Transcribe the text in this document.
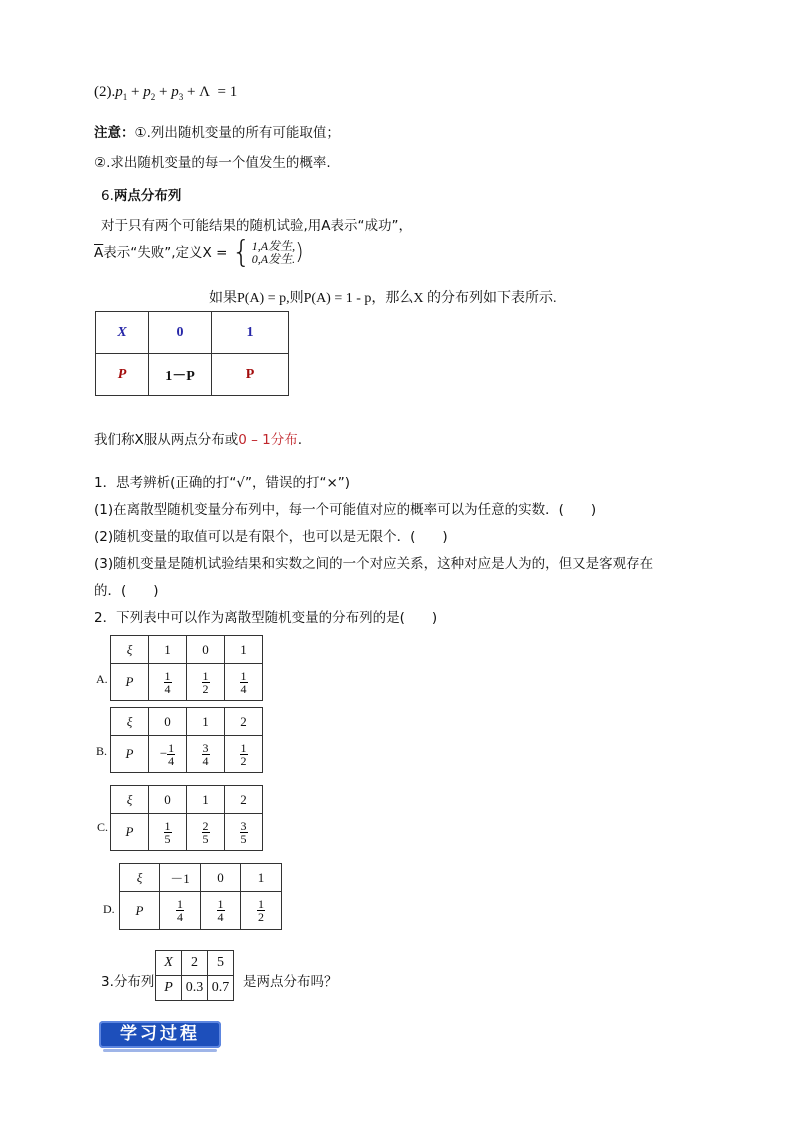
$(2).p_1 + p_2 + p_3 + \Lambda = 1$
注意：①.列出随机变量的所有可能取值；
②.求出随机变量的每一个值发生的概率.
6.两点分布列
对于只有两个可能结果的随机试验,用A表示“成功”，
$\overline{A}$表示“失败”,定义X = {1,A发生,
0,A发生.)
如果P(A) = p,则P(A) = 1 - p，那么X 的分布列如下表所示.
X	0	1
P	1－P	P
我们称X服从两点分布或0 – 1分布.
1．思考辨析(正确的打“√”，错误的打“×”)
(1)在离散型随机变量分布列中，每一个可能值对应的概率可以为任意的实数．(　　)
(2)随机变量的取值可以是有限个，也可以是无限个．(　　)
(3)随机变量是随机试验结果和实数之间的一个对应关系，这种对应是人为的，但又是客观存在
的．(　　)
2．下列表中可以作为离散型随机变量的分布列的是(　　)
A.
ξ	1	0	1
P	$\frac{1}{4}$	$\frac{1}{2}$	$\frac{1}{4}$
B.
ξ	0	1	2
P	− $\frac{1}{4}$	$\frac{3}{4}$	$\frac{1}{2}$
C.
ξ	0	1	2
P	$\frac{1}{5}$	$\frac{2}{5}$	$\frac{3}{5}$
D.
ξ	－1	0	1
P	$\frac{1}{4}$	$\frac{1}{4}$	$\frac{1}{2}$
3.分布列
X	2	5
P	0.3	0.7 是两点分布吗？
学习过程
